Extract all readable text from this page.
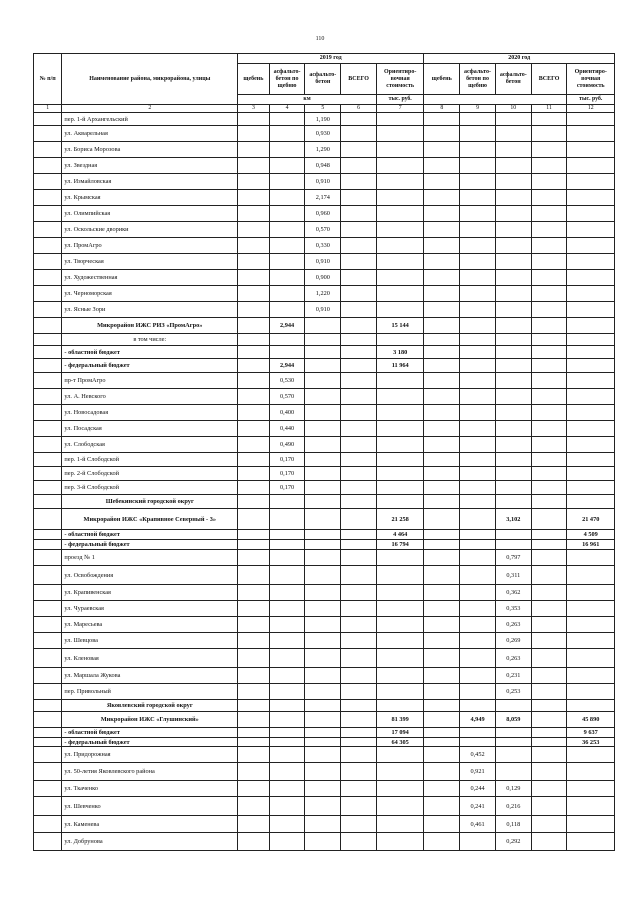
110
№ п/п	Наименование района, микрорайона, улицы	2019 год					2020 год				
		щебень	асфальто-бетон по щебню	асфальто-бетон	ВСЕГО	Ориентиро-вочная стоимость	щебень	асфальто-бетон по щебню	асфальто-бетон	ВСЕГО	Ориентиро-вочная стоимость
		км				тыс. руб.					тыс. руб.
1	2	3	4	5	6	7	8	9	10	11	12
	пер. 1-й Архангельский			1,190							
	ул. Акварельная			0,930							
	ул. Бориса Морозова			1,290							
	ул. Звездная			0,948							
	ул. Измайловская			0,910							
	ул. Крымская			2,174							
	ул. Олимпийская			0,960							
	ул. Оскольские дворики			0,570							
	ул. ПромАгро			0,330							
	ул. Творческая			0,910							
	ул. Художественная			0,900							
	ул. Черноморская			1,220							
	ул. Ясные Зори			0,910							
	Микрорайон ИЖС РИЗ «ПромАгро»		2,944			15 144					
	в том числе:										
	- областной бюджет					3 180					
	- федеральный бюджет		2,944			11 964					
	пр-т ПромАгро		0,530								
	ул. А. Невского		0,570								
	ул. Новосадовая		0,400								
	ул. Посадская		0,440								
	ул. Слободская		0,490								
	пер. 1-й Слободской		0,170								
	пер. 2-й Слободской		0,170								
	пер. 3-й Слободской		0,170								
	Шебекинский городской округ										
	Микрорайон ИЖС «Крапивное Северный - 3»					21 258			3,102		21 470
	- областной бюджет					4 464					4 509
	- федеральный бюджет					16 794					16 961
	проезд № 1								0,797		
	ул. Освобождения								0,311		
	ул. Крапивенская								0,362		
	ул. Чураевская								0,353		
	ул. Маресьева								0,263		
	ул. Шевцова								0,269		
	ул. Кленовая								0,263		
	ул. Маршала Жукова								0,231		
	пер. Привольный								0,253		
	Яковлевский городской округ										
	Микрорайон ИЖС «Глушинский»					81 399		4,949	8,059		45 890
	- областной бюджет					17 094					9 637
	- федеральный бюджет					64 305					36 253
	ул. Придорожная							0,452			
	ул. 50-летия Яковлевского района							0,921			
	ул. Ткаченко							0,244	0,129		
	ул. Шевченко							0,241	0,216		
	ул. Каменева							0,461	0,118		
	ул. Добрунова								0,292		
